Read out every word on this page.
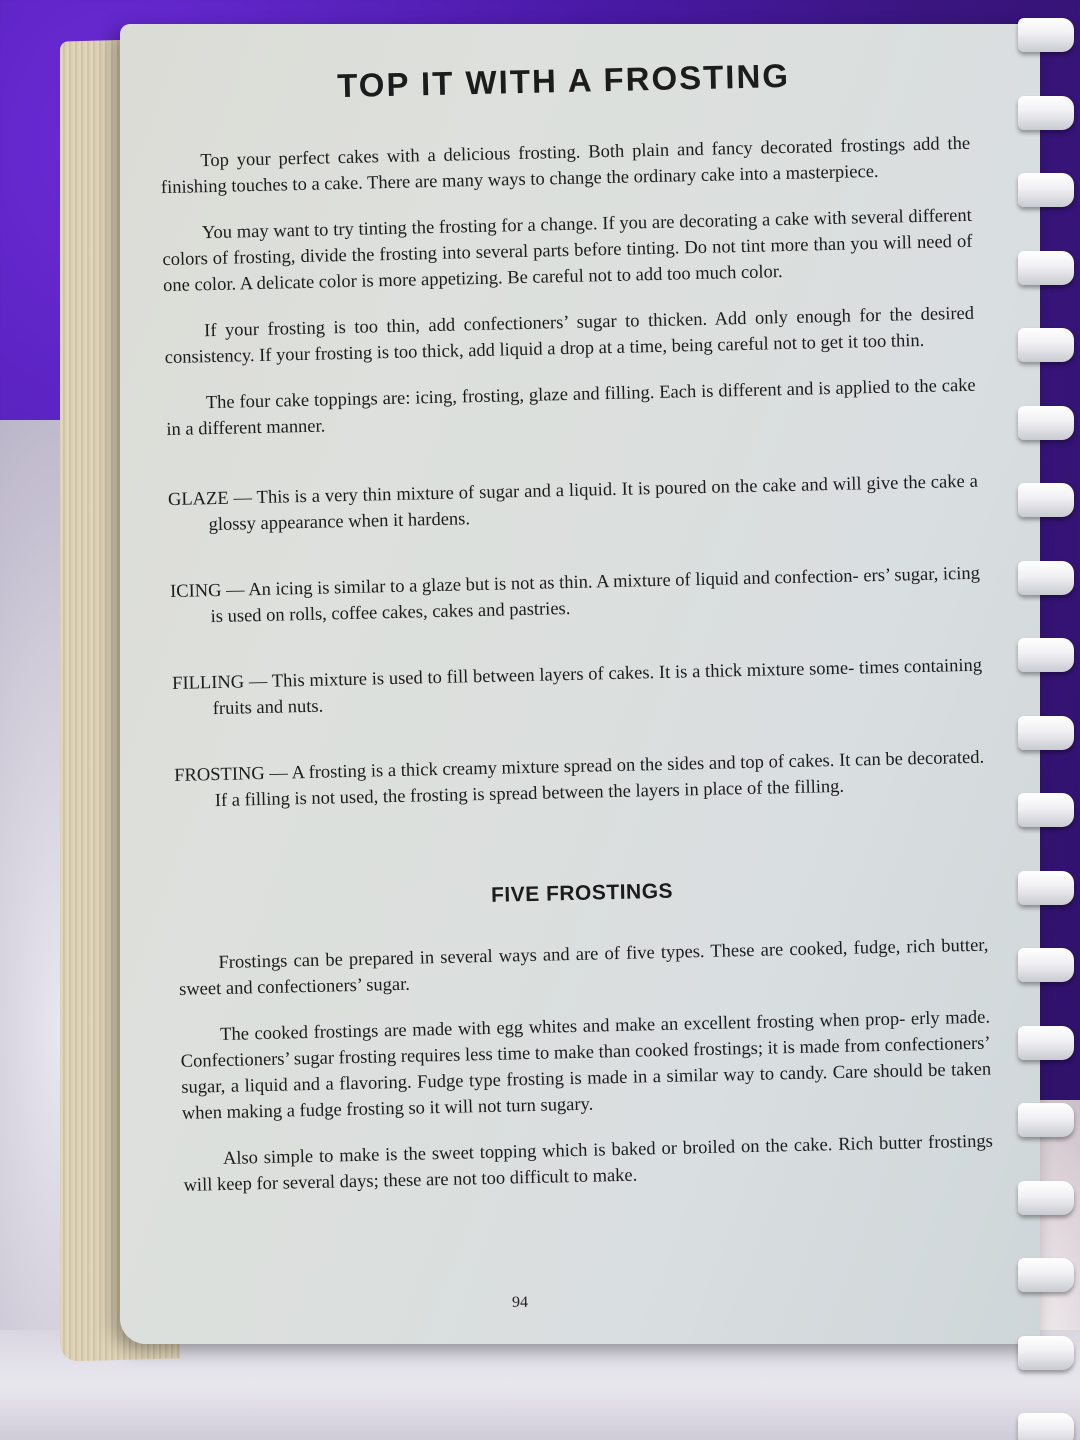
TOP IT WITH A FROSTING

Top your perfect cakes with a delicious frosting. Both plain and fancy decorated frostings add the finishing touches to a cake. There are many ways to change the ordinary cake into a masterpiece.

You may want to try tinting the frosting for a change. If you are decorating a cake with several different colors of frosting, divide the frosting into several parts before tinting. Do not tint more than you will need of one color. A delicate color is more appetizing. Be careful not to add too much color.

If your frosting is too thin, add confectioners’ sugar to thicken. Add only enough for the desired consistency. If your frosting is too thick, add liquid a drop at a time, being careful not to get it too thin.

The four cake toppings are: icing, frosting, glaze and filling. Each is different and is applied to the cake in a different manner.

GLAZE — This is a very thin mixture of sugar and a liquid. It is poured on the cake and will give the cake a glossy appearance when it hardens.

ICING — An icing is similar to a glaze but is not as thin. A mixture of liquid and confection- ers’ sugar, icing is used on rolls, coffee cakes, cakes and pastries.

FILLING — This mixture is used to fill between layers of cakes. It is a thick mixture some- times containing fruits and nuts.

FROSTING — A frosting is a thick creamy mixture spread on the sides and top of cakes. It can be decorated. If a filling is not used, the frosting is spread between the layers in place of the filling.

FIVE FROSTINGS

Frostings can be prepared in several ways and are of five types. These are cooked, fudge, rich butter, sweet and confectioners’ sugar.

The cooked frostings are made with egg whites and make an excellent frosting when prop- erly made. Confectioners’ sugar frosting requires less time to make than cooked frostings; it is made from confectioners’ sugar, a liquid and a flavoring. Fudge type frosting is made in a similar way to candy. Care should be taken when making a fudge frosting so it will not turn sugary.

Also simple to make is the sweet topping which is baked or broiled on the cake. Rich butter frostings will keep for several days; these are not too difficult to make.

94
